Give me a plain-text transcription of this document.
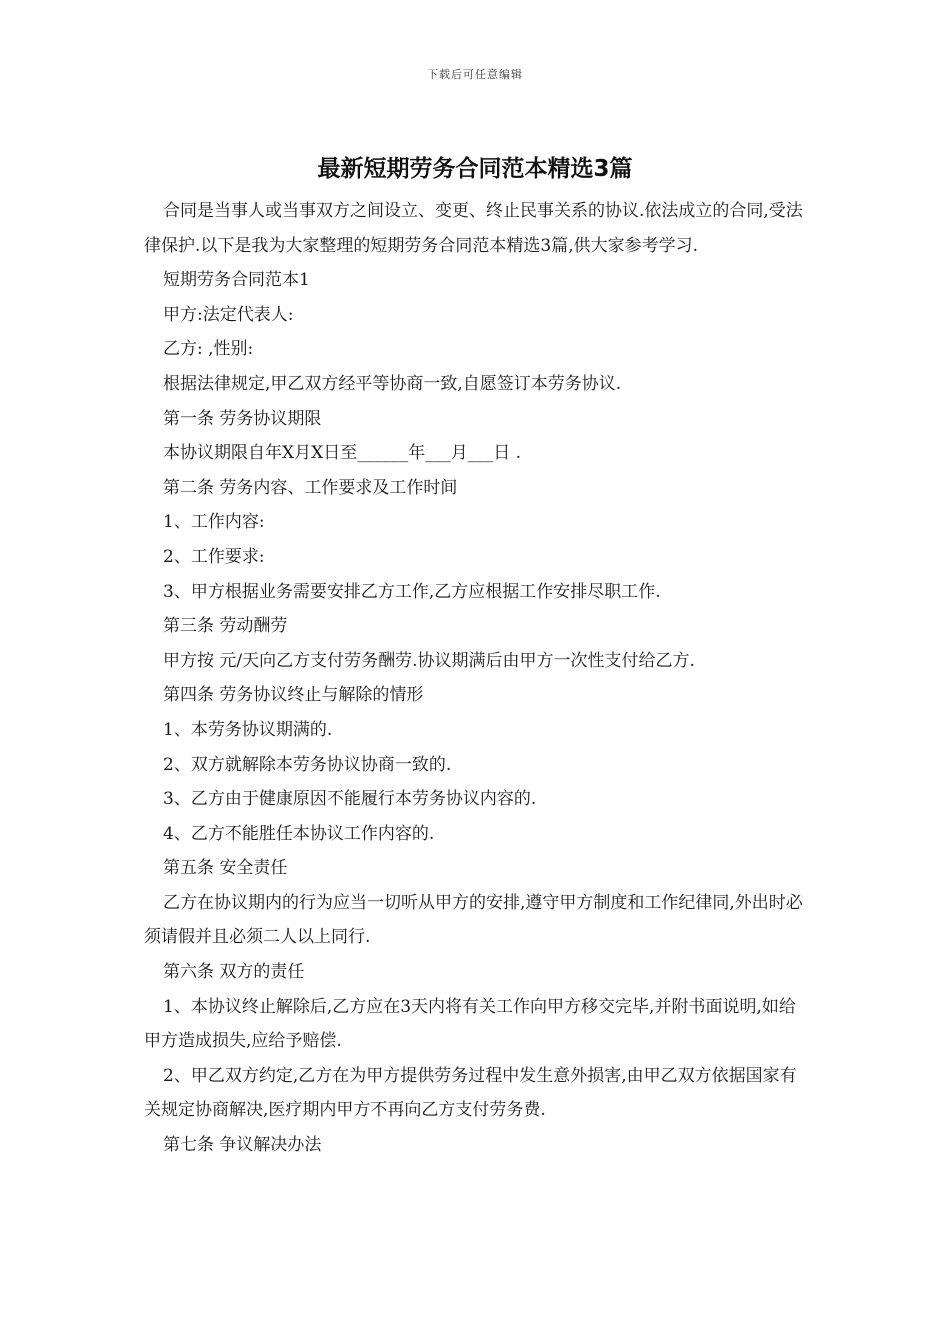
下载后可任意编辑
最新短期劳务合同范本精选3篇

合同是当事人或当事双方之间设立、变更、终止民事关系的协议.依法成立的合同,受法律保护.以下是我为大家整理的短期劳务合同范本精选3篇,供大家参考学习.

短期劳务合同范本1

甲方:法定代表人:

乙方: ,性别:

根据法律规定,甲乙双方经平等协商一致,自愿签订本劳务协议.

第一条 劳务协议期限

本协议期限自年X月X日至______年___月___日 .

第二条 劳务内容、工作要求及工作时间

1、工作内容:

2、工作要求:

3、甲方根据业务需要安排乙方工作,乙方应根据工作安排尽职工作.

第三条 劳动酬劳

甲方按 元/天向乙方支付劳务酬劳.协议期满后由甲方一次性支付给乙方.

第四条 劳务协议终止与解除的情形

1、本劳务协议期满的.

2、双方就解除本劳务协议协商一致的.

3、乙方由于健康原因不能履行本劳务协议内容的.

4、乙方不能胜任本协议工作内容的.

第五条 安全责任

乙方在协议期内的行为应当一切听从甲方的安排,遵守甲方制度和工作纪律同,外出时必须请假并且必须二人以上同行.

第六条 双方的责任

1、本协议终止解除后,乙方应在3天内将有关工作向甲方移交完毕,并附书面说明,如给甲方造成损失,应给予赔偿.

2、甲乙双方约定,乙方在为甲方提供劳务过程中发生意外损害,由甲乙双方依据国家有关规定协商解决,医疗期内甲方不再向乙方支付劳务费.

第七条 争议解决办法
